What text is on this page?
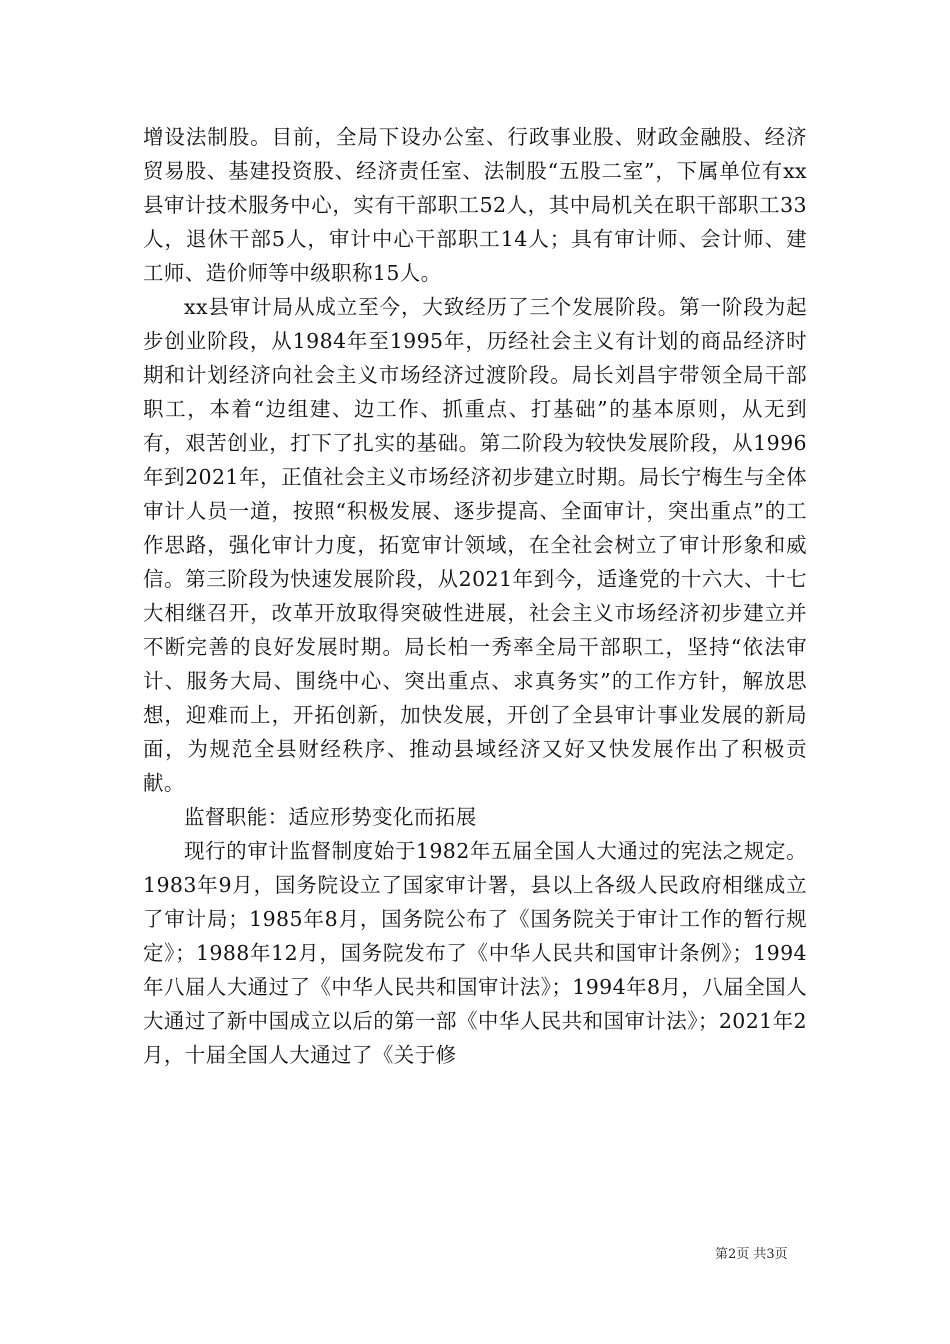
增设法制股。目前，全局下设办公室、行政事业股、财政金融股、经济贸易股、基建投资股、经济责任室、法制股“五股二室”，下属单位有xx县审计技术服务中心，实有干部职工52人，其中局机关在职干部职工33人，退休干部5人，审计中心干部职工14人；具有审计师、会计师、建工师、造价师等中级职称15人。

xx县审计局从成立至今，大致经历了三个发展阶段。第一阶段为起步创业阶段，从1984年至1995年，历经社会主义有计划的商品经济时期和计划经济向社会主义市场经济过渡阶段。局长刘昌宇带领全局干部职工，本着“边组建、边工作、抓重点、打基础”的基本原则，从无到有，艰苦创业，打下了扎实的基础。第二阶段为较快发展阶段，从1996年到2021年，正值社会主义市场经济初步建立时期。局长宁梅生与全体审计人员一道，按照“积极发展、逐步提高、全面审计，突出重点”的工作思路，强化审计力度，拓宽审计领域，在全社会树立了审计形象和威信。第三阶段为快速发展阶段，从2021年到今，适逢党的十六大、十七大相继召开，改革开放取得突破性进展，社会主义市场经济初步建立并不断完善的良好发展时期。局长柏一秀率全局干部职工，坚持“依法审计、服务大局、围绕中心、突出重点、求真务实”的工作方针，解放思想，迎难而上，开拓创新，加快发展，开创了全县审计事业发展的新局面，为规范全县财经秩序、推动县域经济又好又快发展作出了积极贡献。

监督职能：适应形势变化而拓展

现行的审计监督制度始于1982年五届全国人大通过的宪法之规定。1983年9月，国务院设立了国家审计署，县以上各级人民政府相继成立了审计局；1985年8月，国务院公布了《国务院关于审计工作的暂行规定》；1988年12月，国务院发布了《中华人民共和国审计条例》；1994年八届人大通过了《中华人民共和国审计法》；1994年8月，八届全国人大通过了新中国成立以后的第一部《中华人民共和国审计法》；2021年2月，十届全国人大通过了《关于修

第2页 共3页
